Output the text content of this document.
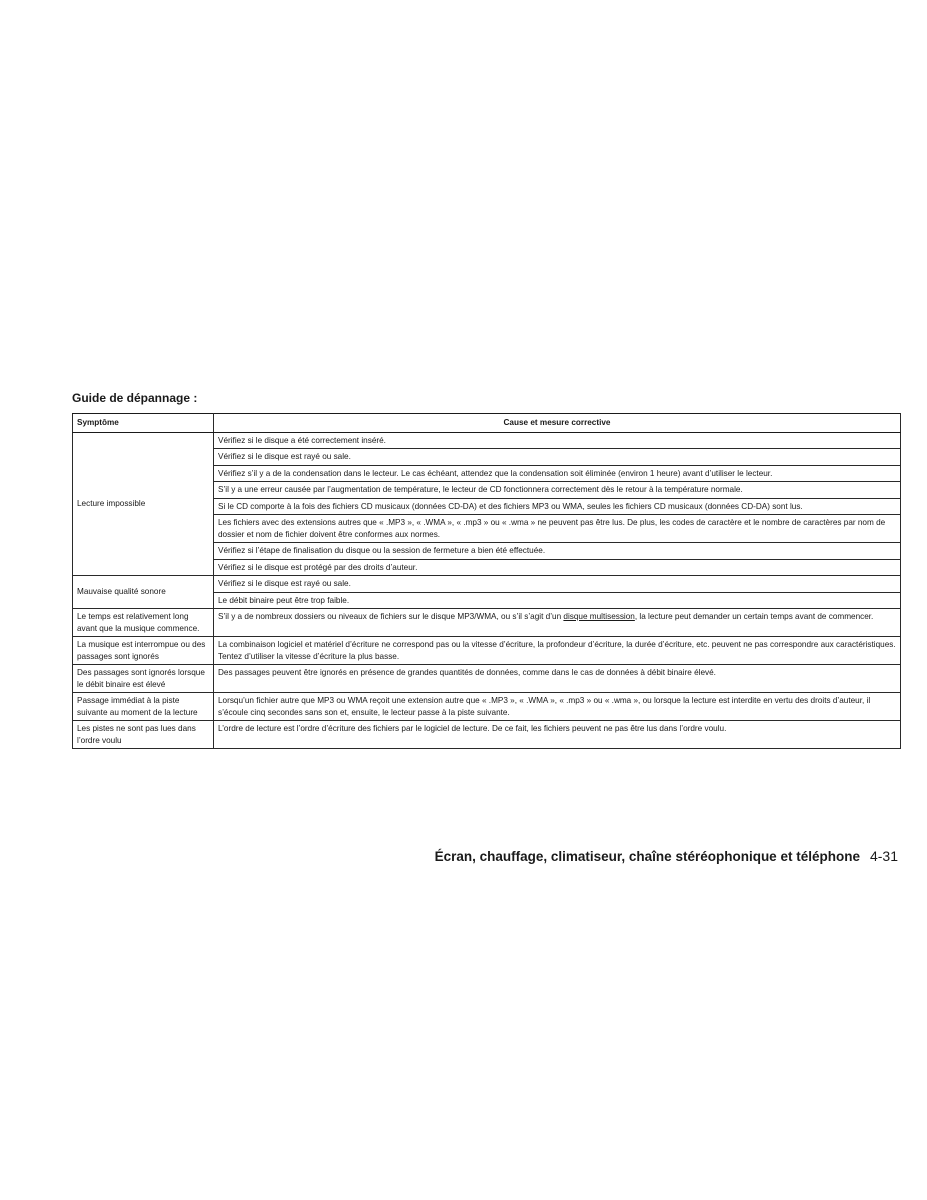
Guide de dépannage :
Symptôme	Cause et mesure corrective
Lecture impossible	Vérifiez si le disque a été correctement inséré.
	Vérifiez si le disque est rayé ou sale.
	Vérifiez s’il y a de la condensation dans le lecteur. Le cas échéant, attendez que la condensation soit éliminée (environ 1 heure) avant d’utiliser le lecteur.
	S’il y a une erreur causée par l’augmentation de température, le lecteur de CD fonctionnera correctement dès le retour à la température normale.
	Si le CD comporte à la fois des fichiers CD musicaux (données CD-DA) et des fichiers MP3 ou WMA, seules les fichiers CD musicaux (données CD-DA) sont lus.
	Les fichiers avec des extensions autres que « .MP3 », « .WMA », « .mp3 » ou « .wma » ne peuvent pas être lus. De plus, les codes de caractère et le nombre de caractères par nom de dossier et nom de fichier doivent être conformes aux normes.
	Vérifiez si l’étape de finalisation du disque ou la session de fermeture a bien été effectuée.
	Vérifiez si le disque est protégé par des droits d’auteur.
Mauvaise qualité sonore	Vérifiez si le disque est rayé ou sale.
	Le débit binaire peut être trop faible.
Le temps est relativement long avant que la musique commence.	S’il y a de nombreux dossiers ou niveaux de fichiers sur le disque MP3/WMA, ou s’il s’agit d’un disque multisession, la lecture peut demander un certain temps avant de commencer.
La musique est interrompue ou des passages sont ignorés	La combinaison logiciel et matériel d’écriture ne correspond pas ou la vitesse d’écriture, la profondeur d’écriture, la durée d’écriture, etc. peuvent ne pas correspondre aux caractéristiques. Tentez d’utiliser la vitesse d’écriture la plus basse.
Des passages sont ignorés lorsque le débit binaire est élevé	Des passages peuvent être ignorés en présence de grandes quantités de données, comme dans le cas de données à débit binaire élevé.
Passage immédiat à la piste suivante au moment de la lecture	Lorsqu’un fichier autre que MP3 ou WMA reçoit une extension autre que « .MP3 », « .WMA », « .mp3 » ou « .wma », ou lorsque la lecture est interdite en vertu des droits d’auteur, il s’écoule cinq secondes sans son et, ensuite, le lecteur passe à la piste suivante.
Les pistes ne sont pas lues dans l’ordre voulu	L’ordre de lecture est l’ordre d’écriture des fichiers par le logiciel de lecture. De ce fait, les fichiers peuvent ne pas être lus dans l’ordre voulu.
Écran, chauffage, climatiseur, chaîne stéréophonique et téléphone 4-31
